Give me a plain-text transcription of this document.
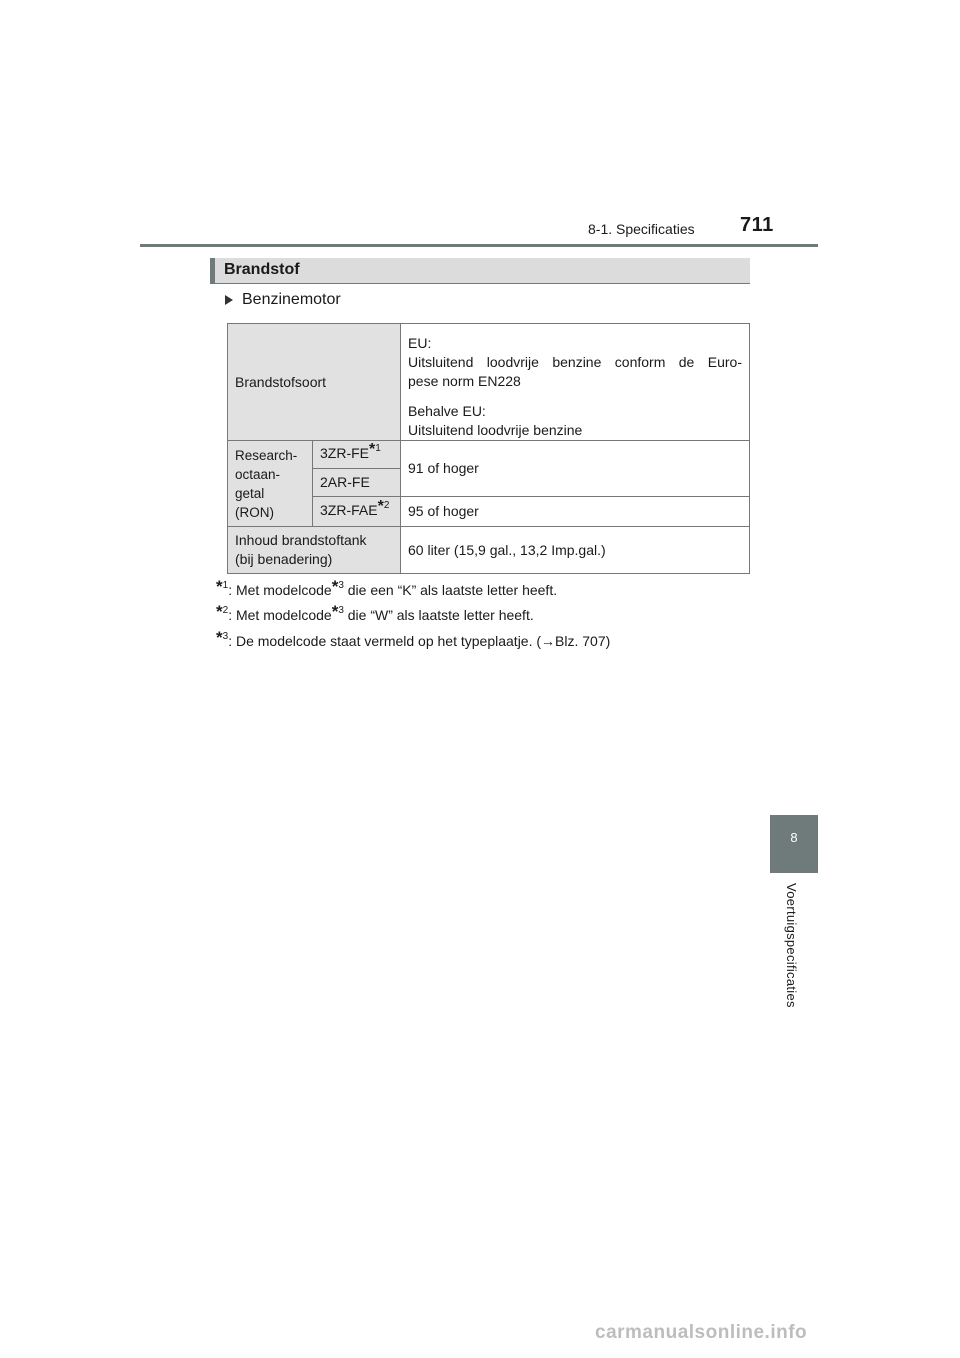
8-1. Specificaties 711
Brandstof
Benzinemotor
Brandstofsoort		EU:
Uitsluitend loodvrije benzine conform de Euro-
pese norm EN228
Behalve EU:
Uitsluitend loodvrije benzine

Research-
octaan-
getal
(RON)	3ZR-FE$^{*1}$	91 of hoger
	2AR-FE	
	3ZR-FAE$^{*2}$	95 of hoger

Inhoud brandstoftank
(bij benadering)		60 liter (15,9 gal., 13,2 Imp.gal.)
*$^1$: Met modelcode*$^3$ die een “K” als laatste letter heeft.
*$^2$: Met modelcode*$^3$ die “W” als laatste letter heeft.
*$^3$: De modelcode staat vermeld op het typeplaatje. (→Blz. 707)
8
Voertuigspecificaties
carmanualsonline.info
